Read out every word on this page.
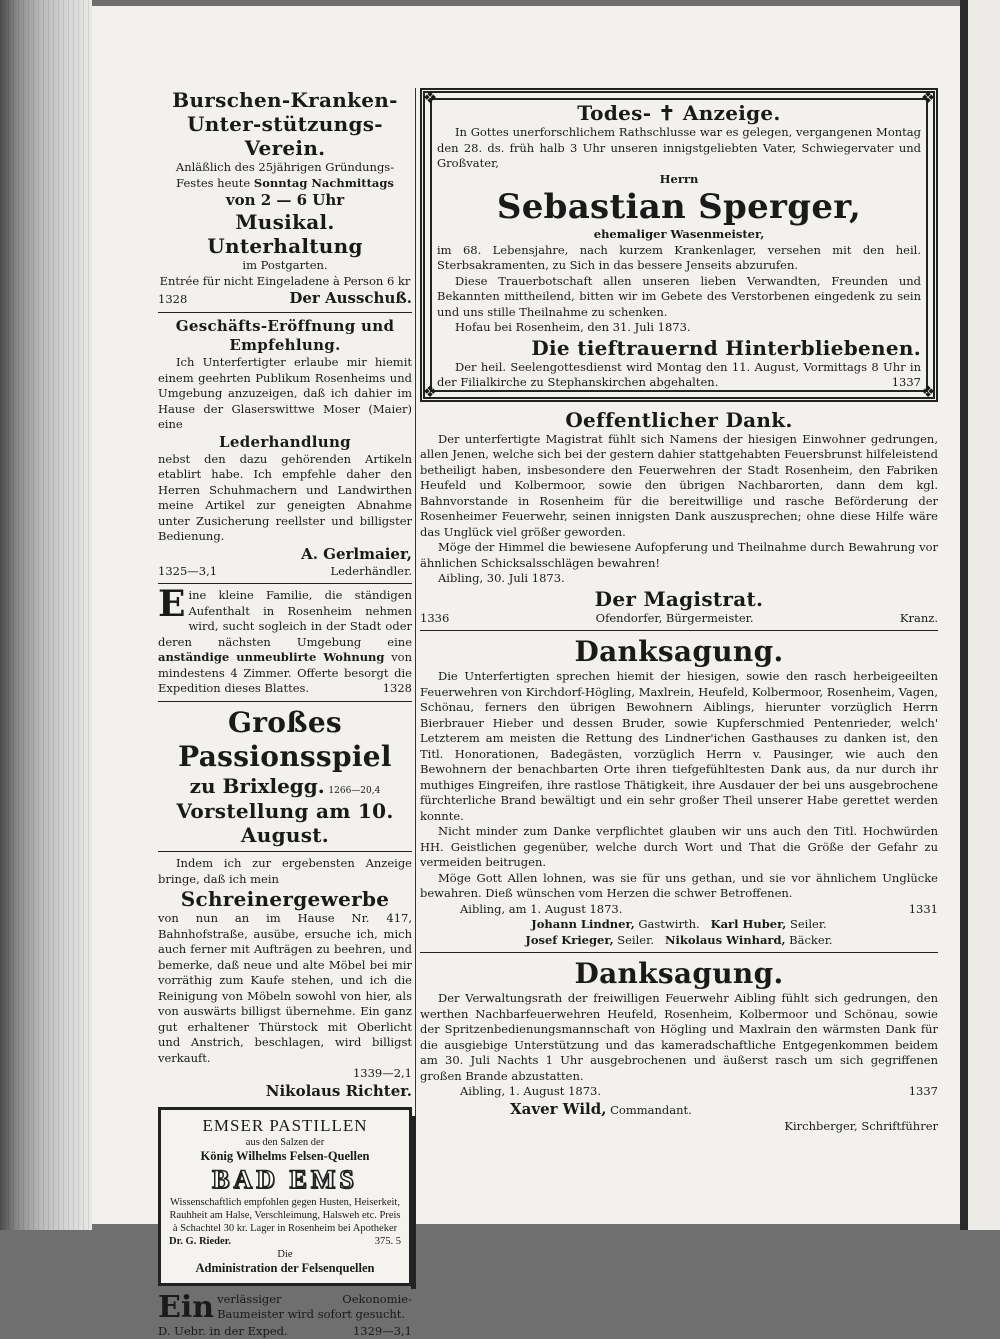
Burschen-Kranken-Unter-stützungs-Verein.

Anläßlich des 25jährigen Gründungs-

Festes heute Sonntag Nachmittags

von 2 — 6 Uhr

Musikal. Unterhaltung

im Postgarten.

Entrée für nicht Eingeladene à Person 6 kr

1328	Der Ausschuß.

Geschäfts-Eröffnung und Empfehlung.

Ich Unterfertigter erlaube mir hiemit einem geehrten Publikum Rosenheims und Umgebung anzuzeigen, daß ich dahier im Hause der Glaserswittwe Moser (Maier) eine

Lederhandlung

nebst den dazu gehörenden Artikeln etablirt habe. Ich empfehle daher den Herren Schuhmachern und Landwirthen meine Artikel zur geneigten Abnahme unter Zusicherung reellster und billigster Bedienung.

A. Gerlmaier,

1325—3,1	Lederhändler.

Eine kleine Familie, die ständigen Aufenthalt in Rosenheim nehmen wird, sucht sogleich in der Stadt oder deren nächsten Umgebung eine anständige unmeublirte Wohnung von mindestens 4 Zimmer. Offerte besorgt die Expedition dieses Blattes.	1328

Großes Passionsspiel

zu Brixlegg. 1266—20,4

Vorstellung am 10. August.

Indem ich zur ergebensten Anzeige bringe, daß ich mein

Schreinergewerbe

von nun an im Hause Nr. 417, Bahnhofstraße, ausübe, ersuche ich, mich auch ferner mit Aufträgen zu beehren, und bemerke, daß neue und alte Möbel bei mir vorräthig zum Kaufe stehen, und ich die Reinigung von Möbeln sowohl von hier, als von auswärts billigst übernehme. Ein ganz gut erhaltener Thürstock mit Oberlicht und Anstrich, beschlagen, wird billigst verkauft.

1339—2,1

Nikolaus Richter.

EMSER PASTILLEN
aus den Salzen der
König Wilhelms Felsen-Quellen
BAD EMS
Wissenschaftlich empfohlen gegen Husten, Heiserkeit, Rauhheit am Halse, Verschleimung, Halsweh etc. Preis à Schachtel 30 kr. Lager in Rosenheim bei Apotheker
Dr. G. Rieder.	375. 5
Die
Administration der Felsenquellen

Ein verlässiger Oekonomie-Baumeister wird sofort gesucht.

D. Uebr. in der Exped.	1329—3,1
❖	❖
❖	❖

Todes- ✝ Anzeige.

In Gottes unerforschlichem Rathschlusse war es gelegen, vergangenen Montag den 28. ds. früh halb 3 Uhr unseren innigstgeliebten Vater, Schwiegervater und Großvater,

Herrn

Sebastian Sperger,

ehemaliger Wasenmeister,

im 68. Lebensjahre, nach kurzem Krankenlager, versehen mit den heil. Sterbsakramenten, zu Sich in das bessere Jenseits abzurufen.

Diese Trauerbotschaft allen unseren lieben Verwandten, Freunden und Bekannten mittheilend, bitten wir im Gebete des Verstorbenen eingedenk zu sein und uns stille Theilnahme zu schenken.

Hofau bei Rosenheim, den 31. Juli 1873.

Die tieftrauernd Hinterbliebenen.

Der heil. Seelengottesdienst wird Montag den 11. August, Vormittags 8 Uhr in der Filialkirche zu Stephanskirchen abgehalten.	1337

Oeffentlicher Dank.

Der unterfertigte Magistrat fühlt sich Namens der hiesigen Einwohner gedrungen, allen Jenen, welche sich bei der gestern dahier stattgehabten Feuersbrunst hilfeleistend betheiligt haben, insbesondere den Feuerwehren der Stadt Rosenheim, den Fabriken Heufeld und Kolbermoor, sowie den übrigen Nachbarorten, dann dem kgl. Bahnvorstande in Rosenheim für die bereitwillige und rasche Beförderung der Rosenheimer Feuerwehr, seinen innigsten Dank auszusprechen; ohne diese Hilfe wäre das Unglück viel größer geworden.

Möge der Himmel die bewiesene Aufopferung und Theilnahme durch Bewahrung vor ähnlichen Schicksalsschlägen bewahren!

Aibling, 30. Juli 1873.

Der Magistrat.

1336	Ofendorfer, Bürgermeister.	Kranz.

Danksagung.

Die Unterfertigten sprechen hiemit der hiesigen, sowie den rasch herbeigeeilten Feuerwehren von Kirchdorf-Högling, Maxlrein, Heufeld, Kolbermoor, Rosenheim, Vagen, Schönau, ferners den übrigen Bewohnern Aiblings, hierunter vorzüglich Herrn Bierbrauer Hieber und dessen Bruder, sowie Kupferschmied Pentenrieder, welch' Letzterem am meisten die Rettung des Lindner'ichen Gasthauses zu danken ist, den Titl. Honorationen, Badegästen, vorzüglich Herrn v. Pausinger, wie auch den Bewohnern der benachbarten Orte ihren tiefgefühltesten Dank aus, da nur durch ihr muthiges Eingreifen, ihre rastlose Thätigkeit, ihre Ausdauer der bei uns ausgebrochene fürchterliche Brand bewältigt und ein sehr großer Theil unserer Habe gerettet werden konnte.

Nicht minder zum Danke verpflichtet glauben wir uns auch den Titl. Hochwürden HH. Geistlichen gegenüber, welche durch Wort und That die Größe der Gefahr zu vermeiden beitrugen.

Möge Gott Allen lohnen, was sie für uns gethan, und sie vor ähnlichem Unglücke bewahren. Dieß wünschen vom Herzen die schwer Betroffenen.

Aibling, am 1. August 1873.	1331

Johann Lindner, Gastwirth. Karl Huber, Seiler.

Josef Krieger, Seiler. Nikolaus Winhard, Bäcker.

Danksagung.

Der Verwaltungsrath der freiwilligen Feuerwehr Aibling fühlt sich gedrungen, den werthen Nachbarfeuerwehren Heufeld, Rosenheim, Kolbermoor und Schönau, sowie der Spritzenbedienungsmannschaft von Högling und Maxlrain den wärmsten Dank für die ausgiebige Unterstützung und das kameradschaftliche Entgegenkommen beidem am 30. Juli Nachts 1 Uhr ausgebrochenen und äußerst rasch um sich gegriffenen großen Brande abzustatten.

Aibling, 1. August 1873.	1337

Xaver Wild, Commandant.

Kirchberger, Schriftführer
